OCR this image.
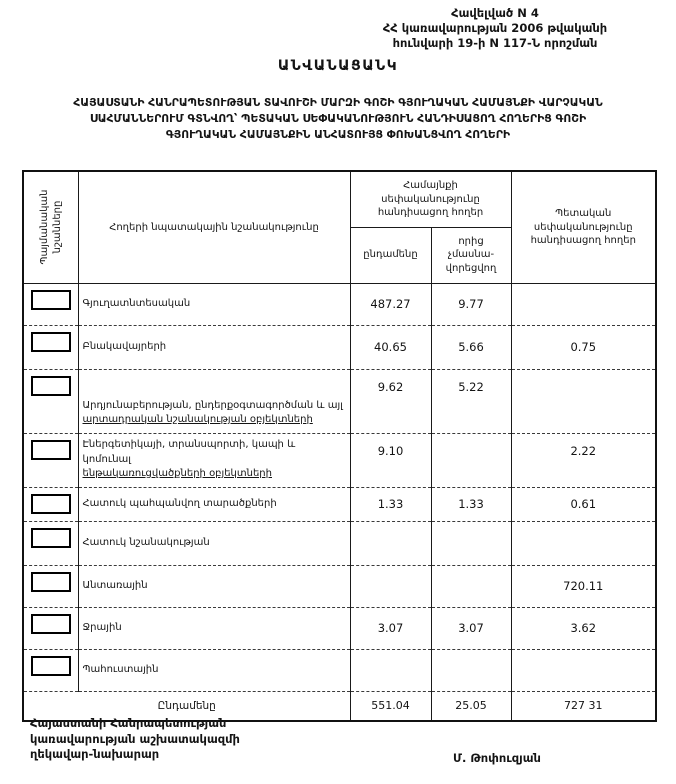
Հավելված N 4
ՀՀ կառավարության 2006 թվականի
հունվարի 19-ի N 117-Ն որոշման
ԱՆՎԱՆԱՑԱՆԿ
ՀԱՅԱՍՏԱՆԻ ՀԱՆՐԱՊԵՏՈՒԹՅԱՆ ՏԱՎՈՒՇԻ ՄԱՐԶԻ ԳՈՇԻ ԳՅՈՒՂԱԿԱՆ ՀԱՄԱՅՆՔԻ ՎԱՐՉԱԿԱՆ
ՍԱՀՄԱՆՆԵՐՈՒՄ ԳՏՆՎՈՂ՝ ՊԵՏԱԿԱՆ ՍԵՓԱԿԱՆՈՒԹՅՈՒՆ ՀԱՆԴԻՍԱՑՈՂ ՀՈՂԵՐԻՑ ԳՈՇԻ
ԳՅՈՒՂԱԿԱՆ ՀԱՄԱՅՆՔԻՆ ԱՆՀԱՏՈՒՅՑ ՓՈԽԱՆՑՎՈՂ ՀՈՂԵՐԻ
Պայմանական նշանները	Հողերի նպատակային նշանակությունը	Համայնքի սեփականությունը հանդիսացող հողեր		Պետական սեփականությունը հանդիսացող հողեր
		ընդամենը	որից չմասնա-վորեցվող	

	Գյուղատնտեսական	487.27	9.77	

	Բնակավայրերի	40.65	5.66	0.75

	Արդյունաբերության, ընդերքօգտագործման և այլ
արտադրական նշանակության օբյեկտների	9.62	5.22	

	Էներգետիկայի, տրանսպորտի, կապի և կոմունալ
ենթակառուցվածքների օբյեկտների	9.10		2.22

	Հատուկ պահպանվող տարածքների	1.33	1.33	0.61

	Հատուկ նշանակության			

	Անտառային			720.11

	Ջրային	3.07	3.07	3.62

	Պահուստային			

Ընդամենը		551.04	25.05	727 31
Հայաստանի Հանրապետության
կառավարության աշխատակազմի
ղեկավար-նախարար	Մ. Թոփուզյան
